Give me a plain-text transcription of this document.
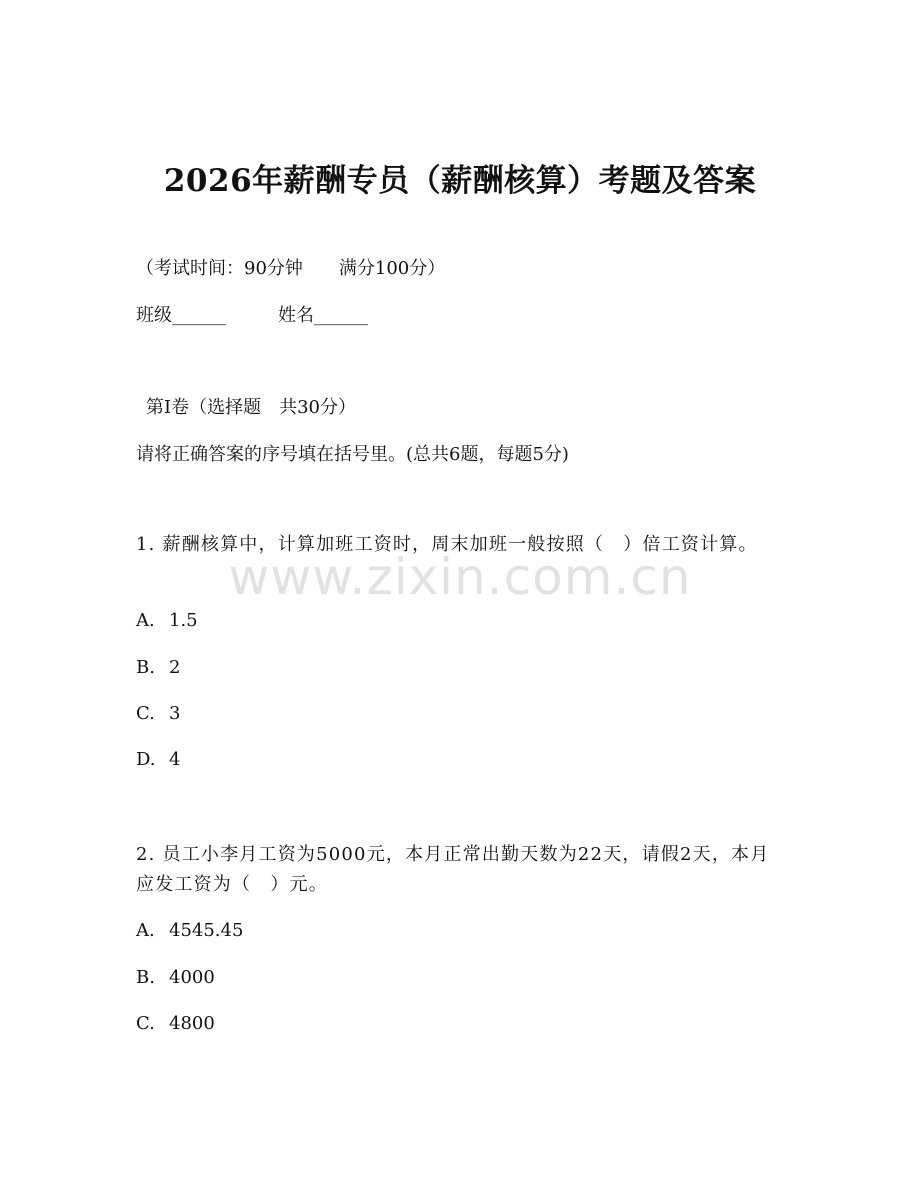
2026年薪酬专员（薪酬核算）考题及答案
（考试时间：90分钟　　满分100分）
班级______	姓名______
第I卷（选择题　共30分）
请将正确答案的序号填在括号里。(总共6题，每题5分)
1. 薪酬核算中，计算加班工资时，周末加班一般按照（　）倍工资计算。
A. 1.5
B. 2
C. 3
D. 4
2. 员工小李月工资为5000元，本月正常出勤天数为22天，请假2天，本月应发工资为（　）元。
A. 4545.45
B. 4000
C. 4800
www.zixin.com.cn
